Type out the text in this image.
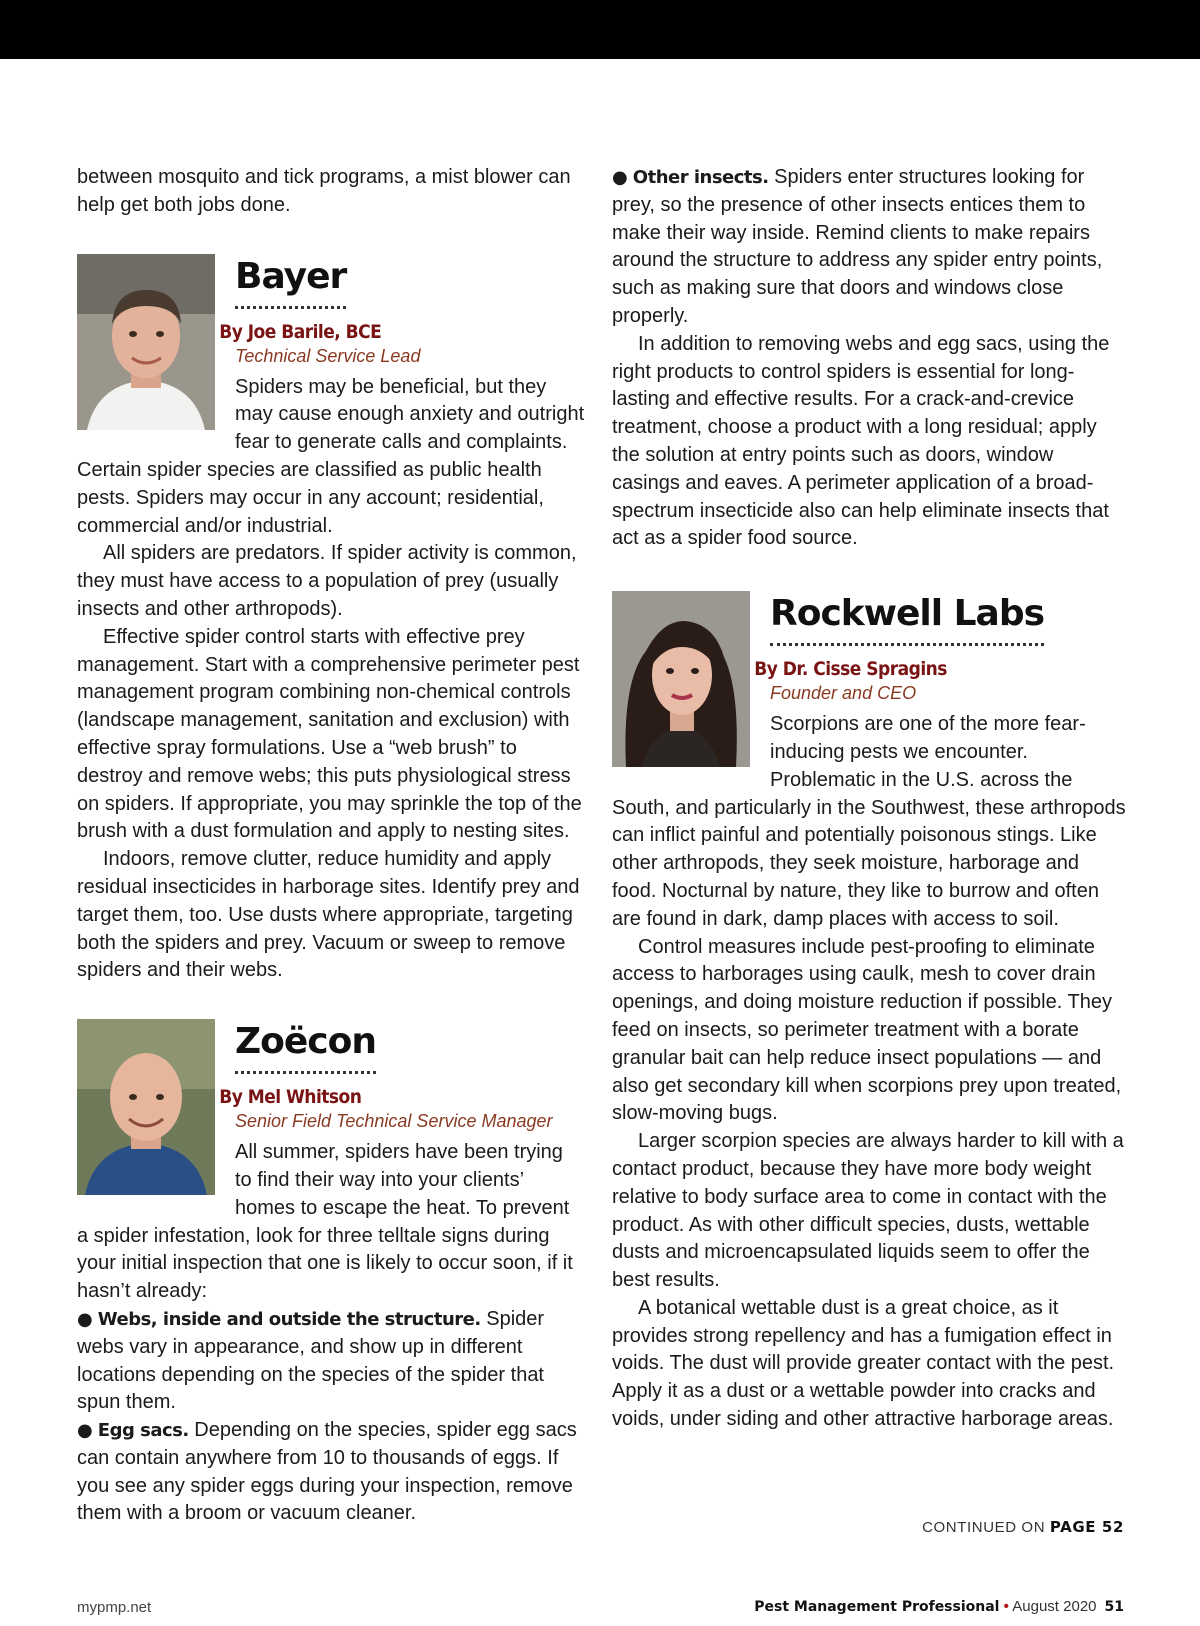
between mosquito and tick programs, a mist blower can help get both jobs done.

Bayer
By Joe Barile, BCE
Technical Service Lead

Spiders may be beneficial, but they may cause enough anxiety and outright fear to generate calls and complaints. Certain spider species are classified as public health pests. Spiders may occur in any account; residential, commercial and/or industrial.

All spiders are predators. If spider activity is common, they must have access to a population of prey (usually insects and other arthropods).

Effective spider control starts with effective prey management. Start with a comprehensive perimeter pest management program combining non-chemical controls (landscape management, sanitation and exclusion) with effective spray formulations. Use a “web brush” to destroy and remove webs; this puts physiological stress on spiders. If appropriate, you may sprinkle the top of the brush with a dust formulation and apply to nesting sites.

Indoors, remove clutter, reduce humidity and apply residual insecticides in harborage sites. Identify prey and target them, too. Use dusts where appropriate, targeting both the spiders and prey. Vacuum or sweep to remove spiders and their webs.

Zoëcon
By Mel Whitson
Senior Field Technical Service Manager

All summer, spiders have been trying to find their way into your clients’ homes to escape the heat. To prevent a spider infestation, look for three telltale signs during your initial inspection that one is likely to occur soon, if it hasn’t already:

● Webs, inside and outside the structure. Spider webs vary in appearance, and show up in different locations depending on the species of the spider that spun them.

● Egg sacs. Depending on the species, spider egg sacs can contain anywhere from 10 to thousands of eggs. If you see any spider eggs during your inspection, remove them with a broom or vacuum cleaner.

● Other insects. Spiders enter structures looking for prey, so the presence of other insects entices them to make their way inside. Remind clients to make repairs around the structure to address any spider entry points, such as making sure that doors and windows close properly.

In addition to removing webs and egg sacs, using the right products to control spiders is essential for long-lasting and effective results. For a crack-and-crevice treatment, choose a product with a long residual; apply the solution at entry points such as doors, window casings and eaves. A perimeter application of a broad-spectrum insecticide also can help eliminate insects that act as a spider food source.

Rockwell Labs
By Dr. Cisse Spragins
Founder and CEO

Scorpions are one of the more fear-inducing pests we encounter. Problematic in the U.S. across the South, and particularly in the Southwest, these arthropods can inflict painful and potentially poisonous stings. Like other arthropods, they seek moisture, harborage and food. Nocturnal by nature, they like to burrow and often are found in dark, damp places with access to soil.

Control measures include pest-proofing to eliminate access to harborages using caulk, mesh to cover drain openings, and doing moisture reduction if possible. They feed on insects, so perimeter treatment with a borate granular bait can help reduce insect populations — and also get secondary kill when scorpions prey upon treated, slow-moving bugs.

Larger scorpion species are always harder to kill with a contact product, because they have more body weight relative to body surface area to come in contact with the product. As with other difficult species, dusts, wettable dusts and microencapsulated liquids seem to offer the best results.

A botanical wettable dust is a great choice, as it provides strong repellency and has a fumigation effect in voids. The dust will provide greater contact with the pest. Apply it as a dust or a wettable powder into cracks and voids, under siding and other attractive harborage areas.

CONTINUED ON PAGE 52
mypmp.net	Pest Management Professional • August 2020 51
